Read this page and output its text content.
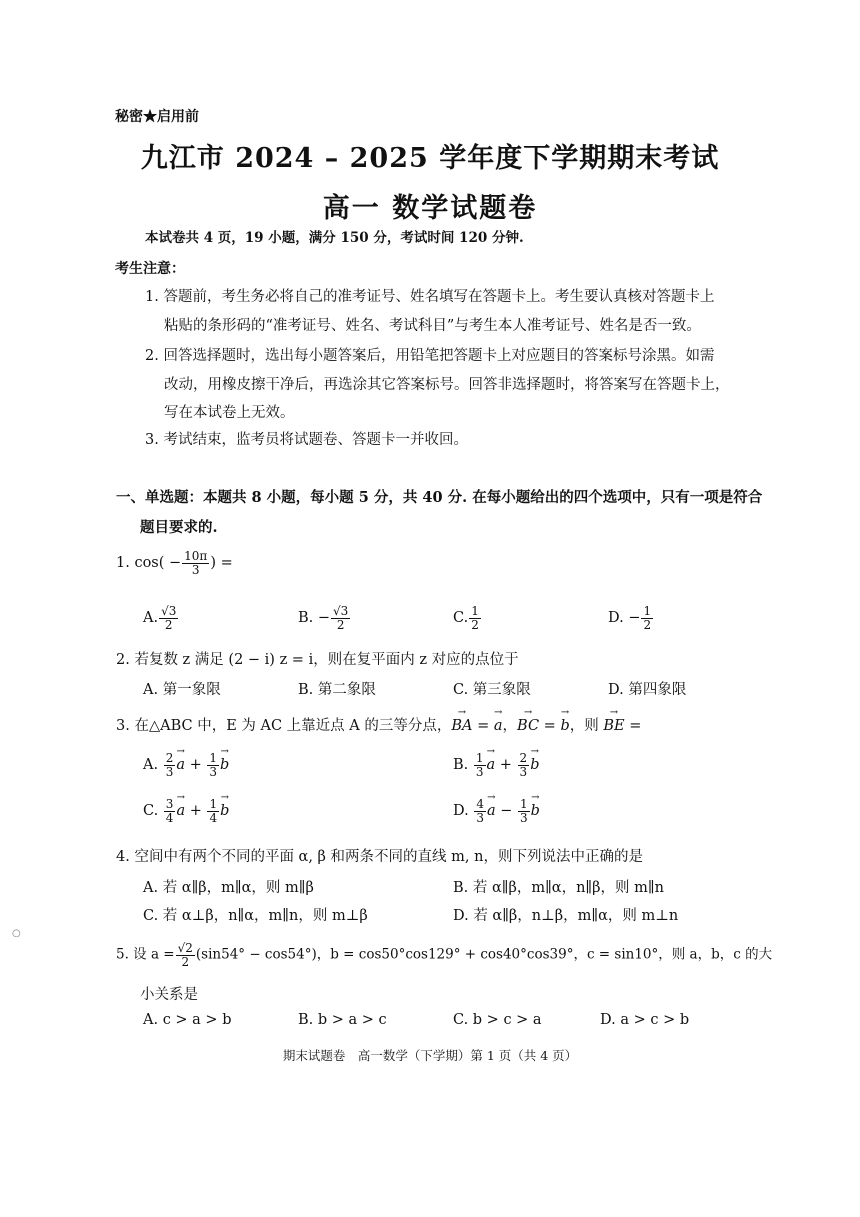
秘密★启用前
九江市 2024 – 2025 学年度下学期期末考试
高一 数学试题卷
本试卷共 4 页，19 小题，满分 150 分，考试时间 120 分钟.
考生注意：
1. 答题前，考生务必将自己的准考证号、姓名填写在答题卡上。考生要认真核对答题卡上
粘贴的条形码的“准考证号、姓名、考试科目”与考生本人准考证号、姓名是否一致。
2. 回答选择题时，选出每小题答案后，用铅笔把答题卡上对应题目的答案标号涂黑。如需
改动，用橡皮擦干净后，再选涂其它答案标号。回答非选择题时，将答案写在答题卡上，
写在本试卷上无效。
3. 考试结束，监考员将试题卷、答题卡一并收回。
一、单选题：本题共 8 小题，每小题 5 分，共 40 分. 在每小题给出的四个选项中，只有一项是符合
题目要求的.
1. $\cos( - \frac{10\pi}{3}$ ) =
A. $\frac{√3}{2}$	B. − $\frac{√3}{2}$	C. $\frac{1}{2}$	D. − $\frac{1}{2}$
2. 若复数 z 满足 (2 − i) z = i，则在复平面内 z 对应的点位于
A. 第一象限	B. 第二象限	C. 第三象限	D. 第四象限
3. 在△ABC 中，E 为 AC 上靠近点 A 的三等分点，→ BA = → a，→ BC = → b，则 → BE =
A. $\frac{2}{3}$
→ $a + \frac{1}{3}$
→ b	B. $\frac{1}{3}$
→ $a + \frac{2}{3}$
→ b
C. $\frac{3}{4}$
→ $a + \frac{1}{4}$
→ b	D. $\frac{4}{3}$
→ $a - \frac{1}{3}$
→ b
4. 空间中有两个不同的平面 α, β 和两条不同的直线 m, n，则下列说法中正确的是
A. 若 α∥β，m∥α，则 m∥β	B. 若 α∥β，m∥α，n∥β，则 m∥n
C. 若 α⊥β，n∥α，m∥n，则 m⊥β	D. 若 α∥β，n⊥β，m∥α，则 m⊥n
○
5. 设 $a = \frac{√2}{2} (\sin 54^\circ - \cos 54^\circ)$，b = cos50°cos129° + cos40°cos39°，c = sin10°，则 a，b，c 的大
小关系是
A. c > a > b	B. b > a > c	C. b > c > a	D. a > c > b
期末试题卷　高一数学（下学期）第 1 页（共 4 页）
